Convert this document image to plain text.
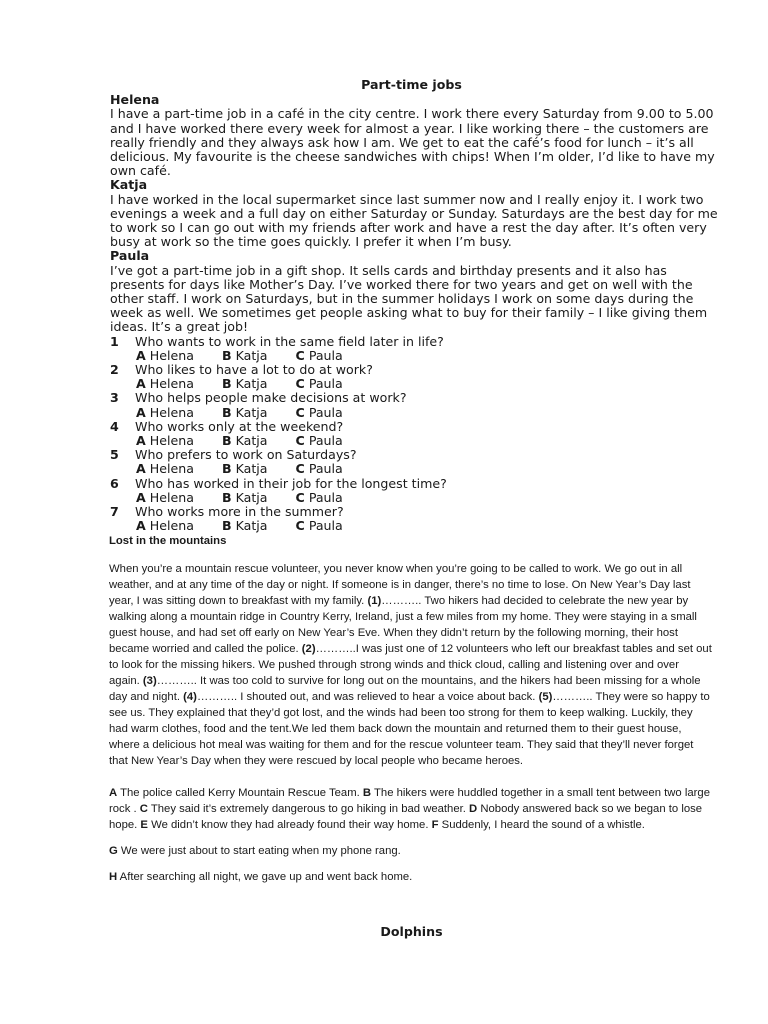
Part-time jobs
Helena

I have a part-time job in a café in the city centre. I work there every Saturday from 9.00 to 5.00 and I have worked there every week for almost a year. I like working there – the customers are really friendly and they always ask how I am. We get to eat the café’s food for lunch – it’s all delicious. My favourite is the cheese sandwiches with chips! When I’m older, I’d like to have my own café.

Katja

I have worked in the local supermarket since last summer now and I really enjoy it. I work two evenings a week and a full day on either Saturday or Sunday. Saturdays are the best day for me to work so I can go out with my friends after work and have a rest the day after. It’s often very busy at work so the time goes quickly. I prefer it when I’m busy.

Paula

I’ve got a part-time job in a gift shop. It sells cards and birthday presents and it also has presents for days like Mother’s Day. I’ve worked there for two years and get on well with the other staff. I work on Saturdays, but in the summer holidays I work on some days during the week as well. We sometimes get people asking what to buy for their family – I like giving them ideas. It’s a great job!

1	Who wants to work in the same field later in life?
A Helena B Katja C Paula
2	Who likes to have a lot to do at work?
A Helena B Katja C Paula
3	Who helps people make decisions at work?
A Helena B Katja C Paula
4	Who works only at the weekend?
A Helena B Katja C Paula
5	Who prefers to work on Saturdays?
A Helena B Katja C Paula
6	Who has worked in their job for the longest time?
A Helena B Katja C Paula
7	Who works more in the summer?
A Helena B Katja C Paula

Lost in the mountains

When you’re a mountain rescue volunteer, you never know when you’re going to be called to work. We go out in all weather, and at any time of the day or night. If someone is in danger, there’s no time to lose. On New Year’s Day last year, I was sitting down to breakfast with my family. (1)……….. Two hikers had decided to celebrate the new year by walking along a mountain ridge in Country Kerry, Ireland, just a few miles from my home. They were staying in a small guest house, and had set off early on New Year’s Eve. When they didn’t return by the following morning, their host became worried and called the police. (2)………..I was just one of 12 volunteers who left our breakfast tables and set out to look for the missing hikers. We pushed through strong winds and thick cloud, calling and listening over and over again. (3)……….. It was too cold to survive for long out on the mountains, and the hikers had been missing for a whole day and night. (4)……….. I shouted out, and was relieved to hear a voice about back. (5)……….. They were so happy to see us. They explained that they’d got lost, and the winds had been too strong for them to keep walking. Luckily, they had warm clothes, food and the tent.We led them back down the mountain and returned them to their guest house, where a delicious hot meal was waiting for them and for the rescue volunteer team. They said that they’ll never forget that New Year’s Day when they were rescued by local people who became heroes.

A The police called Kerry Mountain Rescue Team. B The hikers were huddled together in a small tent between two large rock . C They said it’s extremely dangerous to go hiking in bad weather. D Nobody answered back so we began to lose hope. E We didn’t know they had already found their way home. F Suddenly, I heard the sound of a whistle.

G We were just about to start eating when my phone rang.

H After searching all night, we gave up and went back home.

Dolphins
